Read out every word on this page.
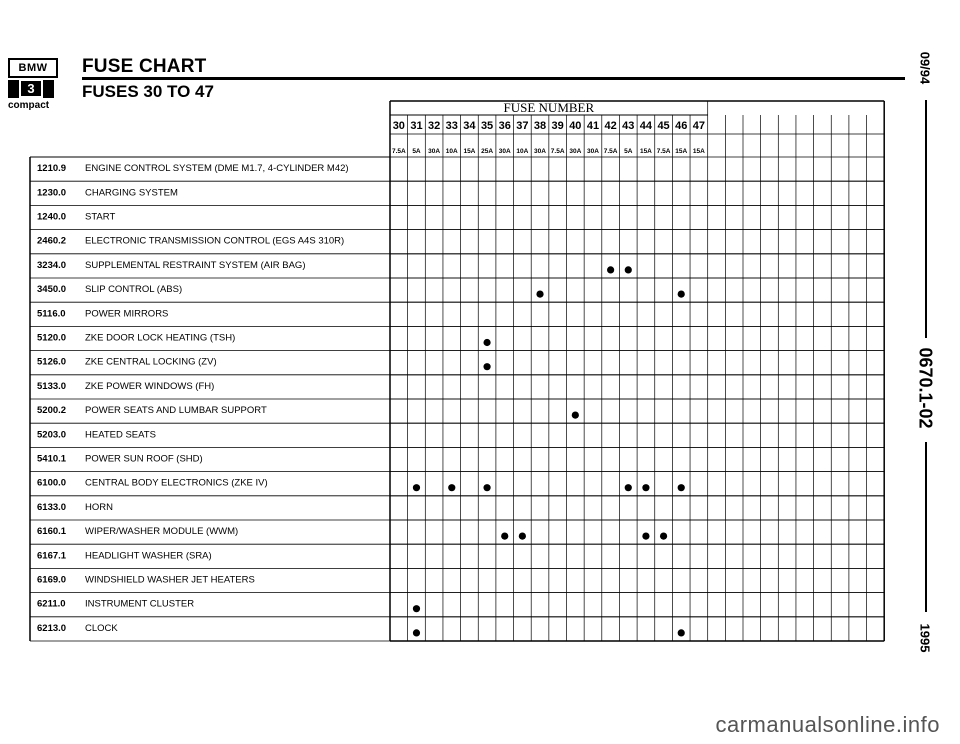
BMW
3
compact
FUSE CHART
FUSES 30 TO 47
09/94
0670.1-02
1995
FUSE NUMBER
30 31 32 33 34 35 36 37 38 39 40 41 42 43 44 45 46 47
7.5A 5A 30A 10A 15A 25A 30A 10A 30A 7.5A 30A 30A 7.5A 5A 15A 7.5A 15A 15A
1210.9 ENGINE CONTROL SYSTEM (DME M1.7, 4-CYLINDER M42)
1230.0 CHARGING SYSTEM
1240.0 START
2460.2 ELECTRONIC TRANSMISSION CONTROL (EGS A4S 310R)
3234.0 SUPPLEMENTAL RESTRAINT SYSTEM (AIR BAG)
3450.0 SLIP CONTROL (ABS)
5116.0 POWER MIRRORS
5120.0 ZKE DOOR LOCK HEATING (TSH)
5126.0 ZKE CENTRAL LOCKING (ZV)
5133.0 ZKE POWER WINDOWS (FH)
5200.2 POWER SEATS AND LUMBAR SUPPORT
5203.0 HEATED SEATS
5410.1 POWER SUN ROOF (SHD)
6100.0 CENTRAL BODY ELECTRONICS (ZKE IV)
6133.0 HORN
6160.1 WIPER/WASHER MODULE (WWM)
6167.1 HEADLIGHT WASHER (SRA)
6169.0 WINDSHIELD WASHER JET HEATERS
6211.0 INSTRUMENT CLUSTER
6213.0 CLOCK
carmanualsonline.info
